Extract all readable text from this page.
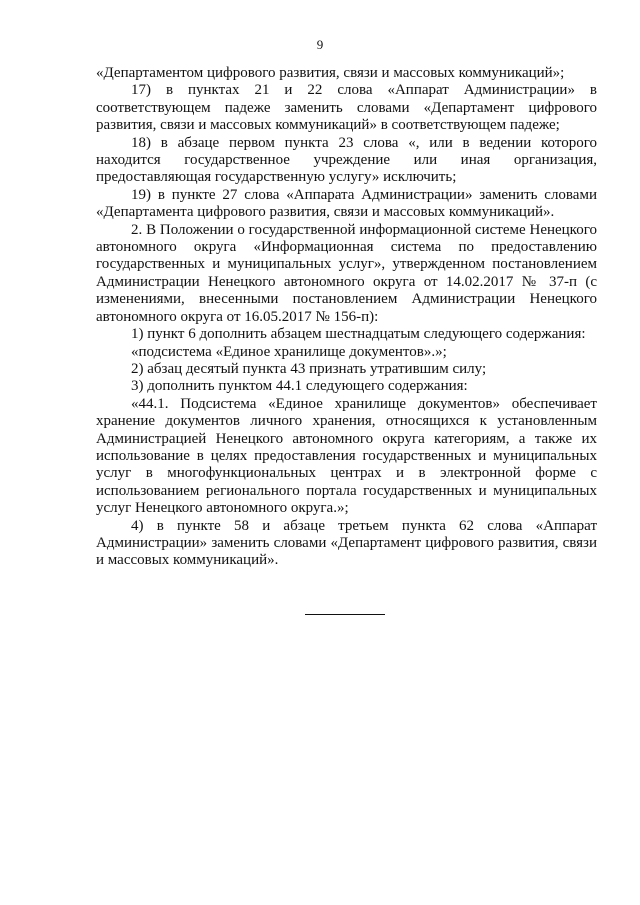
9

«Департаментом цифрового развития, связи и массовых коммуникаций»;

17) в пунктах 21 и 22 слова «Аппарат Администрации» в соответствующем падеже заменить словами «Департамент цифрового развития, связи и массовых коммуникаций» в соответствующем падеже;

18) в абзаце первом пункта 23 слова «, или в ведении которого находится государственное учреждение или иная организация, предоставляющая государственную услугу» исключить;

19) в пункте 27 слова «Аппарата Администрации» заменить словами «Департамента цифрового развития, связи и массовых коммуникаций».

2. В Положении о государственной информационной системе Ненецкого автономного округа «Информационная система по предоставлению государственных и муниципальных услуг», утвержденном постановлением Администрации Ненецкого автономного округа от 14.02.2017 № 37-п (с изменениями, внесенными постановлением Администрации Ненецкого автономного округа от 16.05.2017 № 156-п):

1) пункт 6 дополнить абзацем шестнадцатым следующего содержания:

«подсистема «Единое хранилище документов».»;

2) абзац десятый пункта 43 признать утратившим силу;

3) дополнить пунктом 44.1 следующего содержания:

«44.1. Подсистема «Единое хранилище документов» обеспечивает хранение документов личного хранения, относящихся к установленным Администрацией Ненецкого автономного округа категориям, а также их использование в целях предоставления государственных и муниципальных услуг в многофункциональных центрах и в электронной форме с использованием регионального портала государственных и муниципальных услуг Ненецкого автономного округа.»;

4) в пункте 58 и абзаце третьем пункта 62 слова «Аппарат Администрации» заменить словами «Департамент цифрового развития, связи и массовых коммуникаций».
